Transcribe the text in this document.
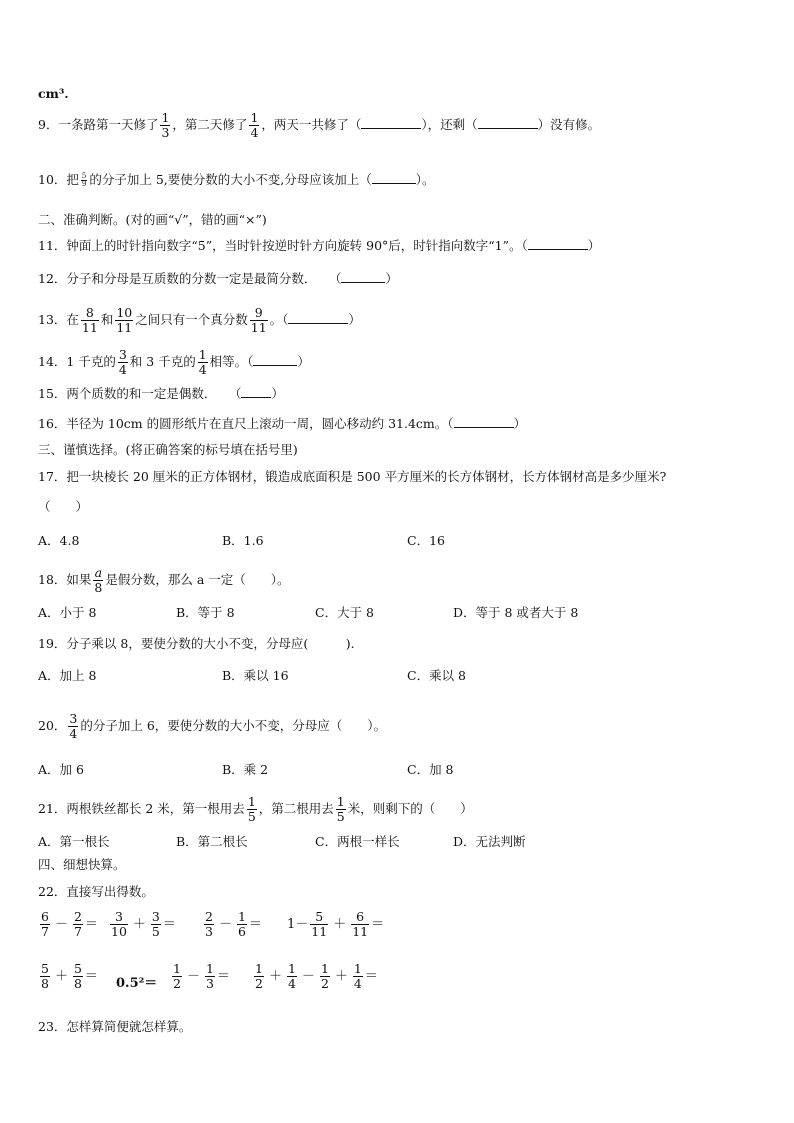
cm³.
9．一条路第一天修了 $\frac{1}{3}$ ，第二天修了 $\frac{1}{4}$ ，两天一共修了（	），还剩（	）没有修。
10．把 $\frac{5}{9}$ 的分子加上 5,要使分数的大小不变,分母应该加上（	）。
二、准确判断。(对的画“√”，错的画“×”)
11．钟面上的时针指向数字“5”，当时针按逆时针方向旋转 90°后，时针指向数字“1”。（	）
12．分子和分母是互质数的分数一定是最简分数．　　（	）
13．在 $\frac{8}{11}$ 和 $\frac{10}{11}$ 之间只有一个真分数 $\frac{9}{11}$ 。（	）
14．1 千克的 $\frac{3}{4}$ 和 3 千克的 $\frac{1}{4}$ 相等。（	）
15．两个质数的和一定是偶数．　　（ ）
16．半径为 10cm 的圆形纸片在直尺上滚动一周，圆心移动约 31.4cm。（	）
三、谨慎选择。(将正确答案的标号填在括号里)
17．把一块棱长 20 厘米的正方体钢材，锻造成底面积是 500 平方厘米的长方体钢材，长方体钢材高是多少厘米?
（　　）
A．4.8	B．1.6	C．16
18．如果 $\frac{a}{8}$ 是假分数，那么 a 一定（　　）。
A．小于 8	B．等于 8	C．大于 8	D．等于 8 或者大于 8
19．分子乘以 8，要使分数的大小不变，分母应(　　　).
A．加上 8	B．乘以 16	C．乘以 8
20． $\frac{3}{4}$ 的分子加上 6，要使分数的大小不变，分母应（　　）。
A．加 6	B．乘 2	C．加 8
21．两根铁丝都长 2 米，第一根用去 $\frac{1}{5}$ ，第二根用去 $\frac{1}{5}$ 米，则剩下的（　　）
A．第一根长	B．第二根长	C．两根一样长	D．无法判断
四、细想快算。
22．直接写出得数。
$\frac{6}{7} - \frac{2}{7} = \frac{3}{10} + \frac{3}{5} = \frac{2}{3} - \frac{1}{6} = 1- \frac{5}{11} + \frac{6}{11}$ ＝
$\frac{5}{8} + \frac{5}{8} = 0.5^2= \frac{1}{2} - \frac{1}{3} = \frac{1}{2} + \frac{1}{4} - \frac{1}{2} + \frac{1}{4}$ ＝
23．怎样算简便就怎样算。
